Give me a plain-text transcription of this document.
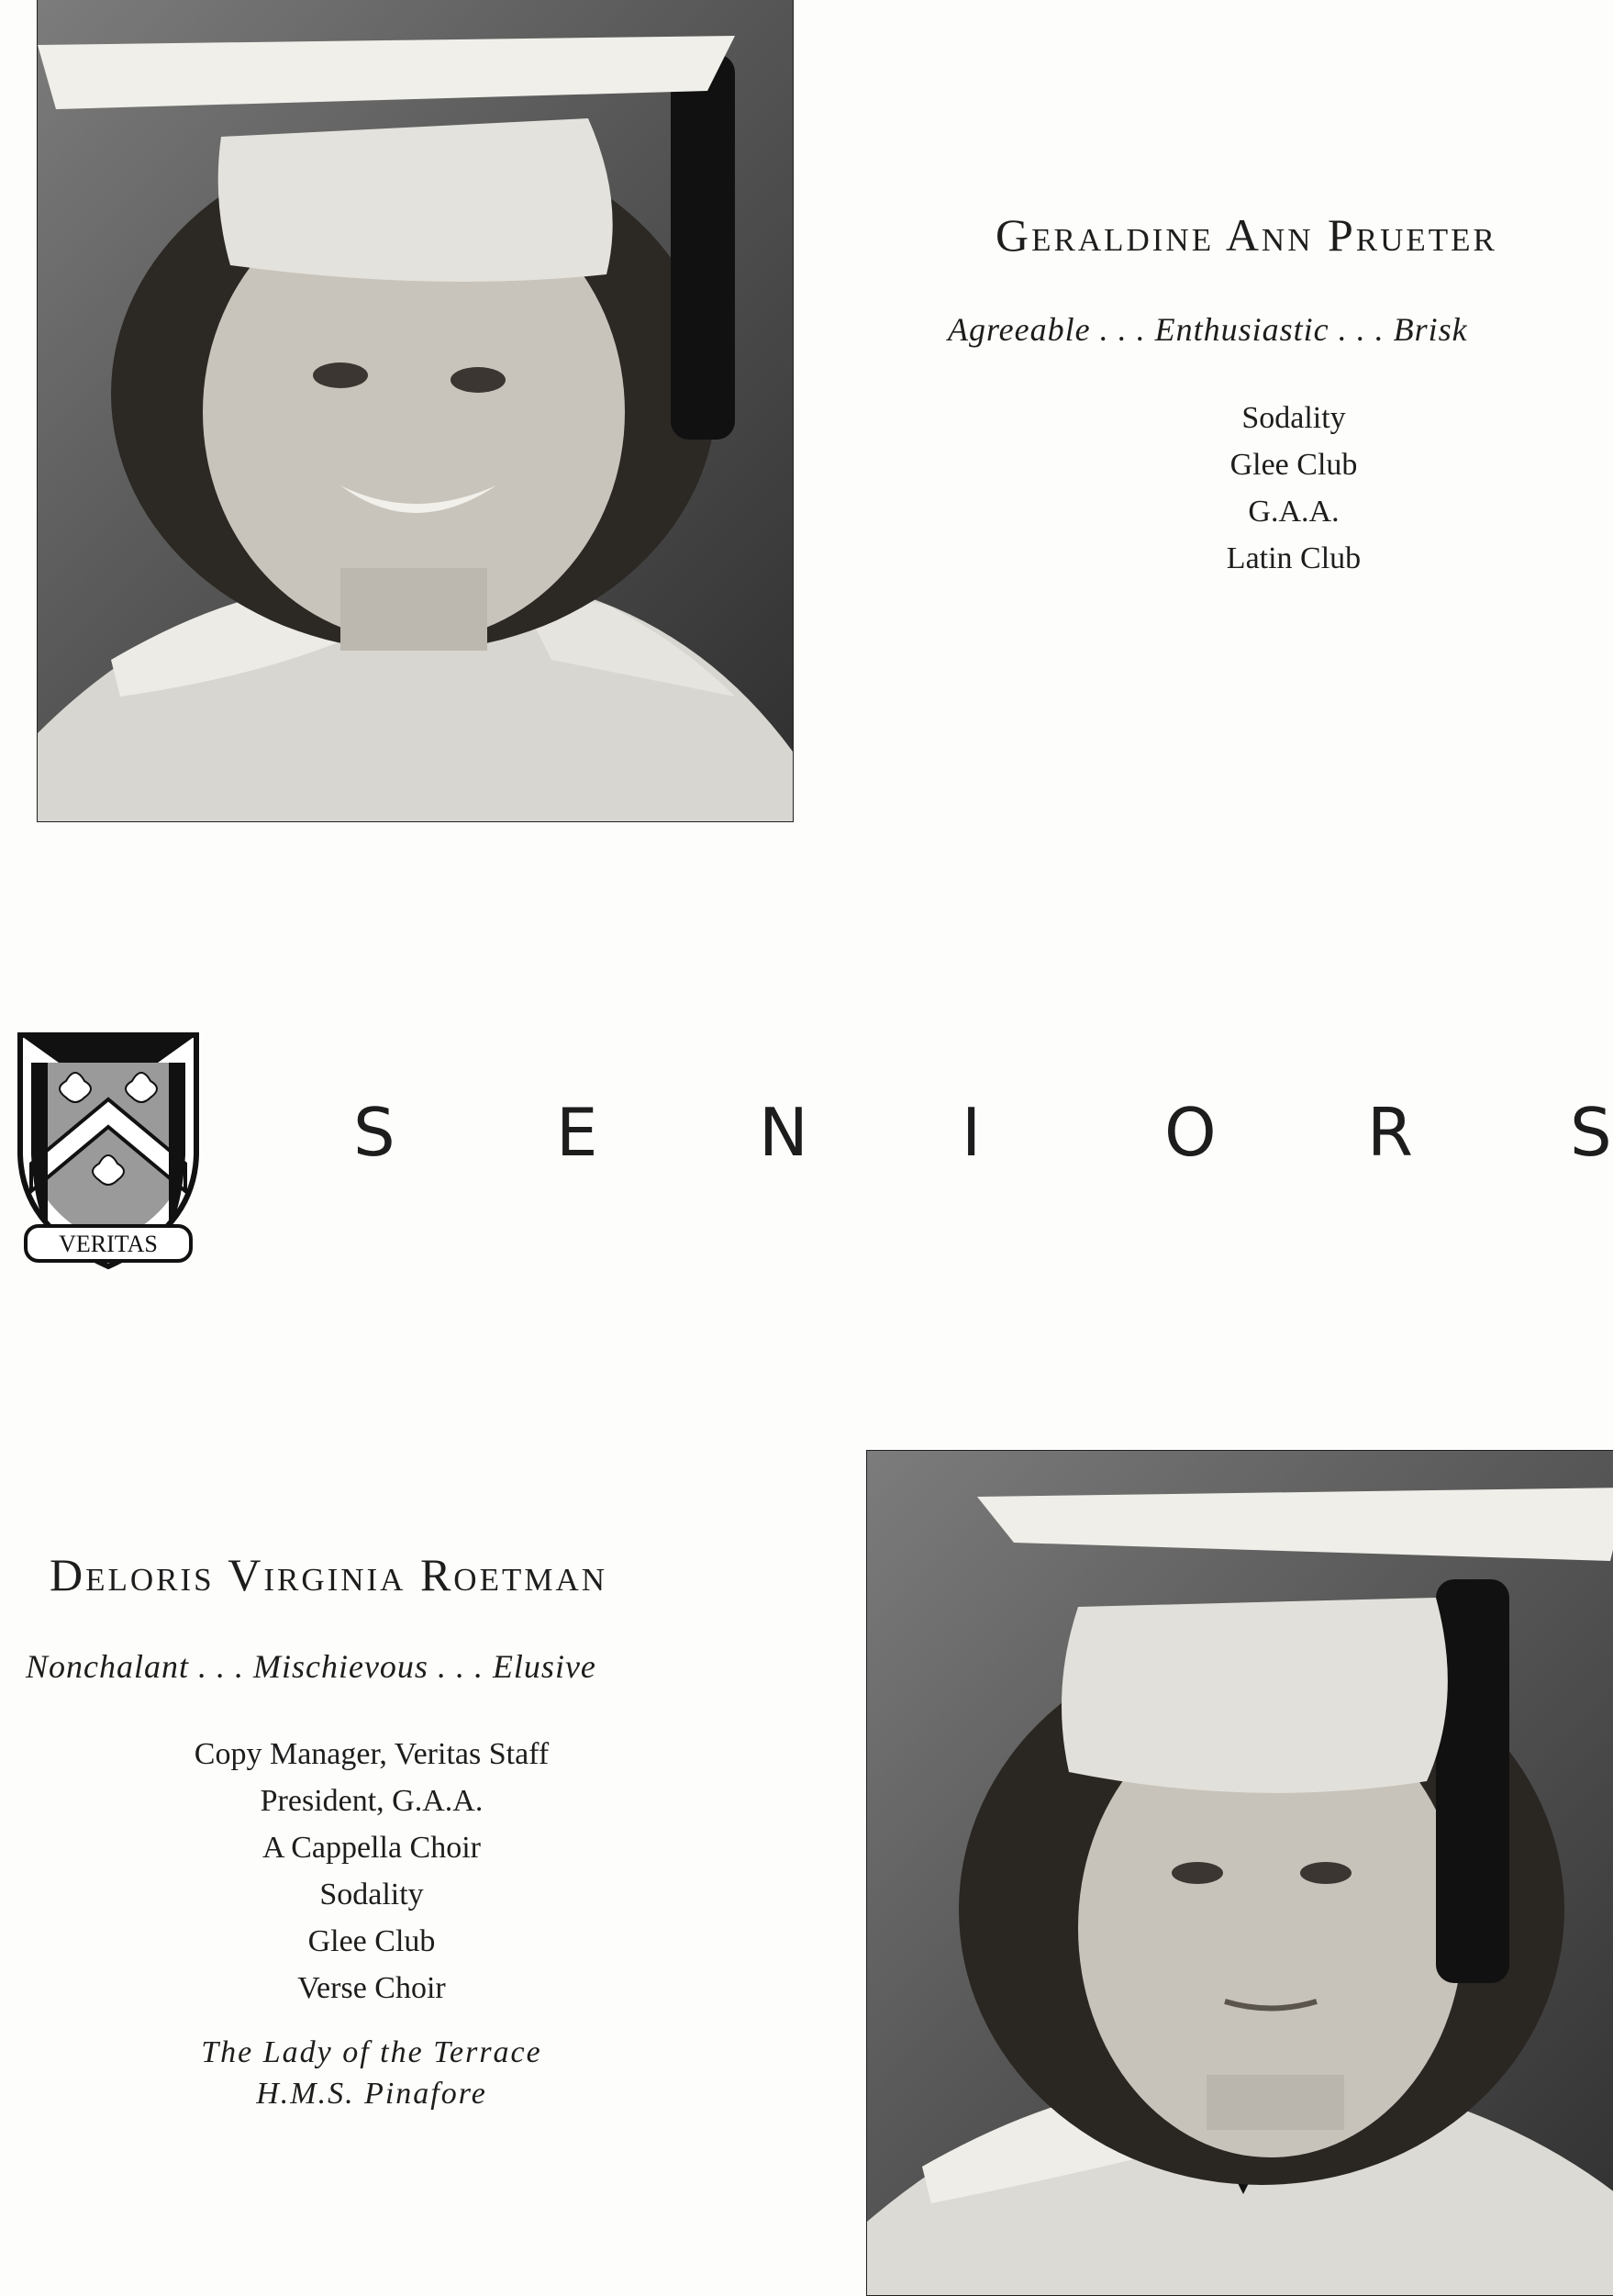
Geraldine Ann Prueter

Agreeable . . . Enthusiastic . . . Brisk

Sodality
Glee Club
G.A.A.
Latin Club
VERITAS
S	E	N	I	O	R	S
Deloris Virginia Roetman

Nonchalant . . . Mischievous . . . Elusive

Copy Manager, Veritas Staff
President, G.A.A.
A Cappella Choir
Sodality
Glee Club
Verse Choir
The Lady of the Terrace
H.M.S. Pinafore
